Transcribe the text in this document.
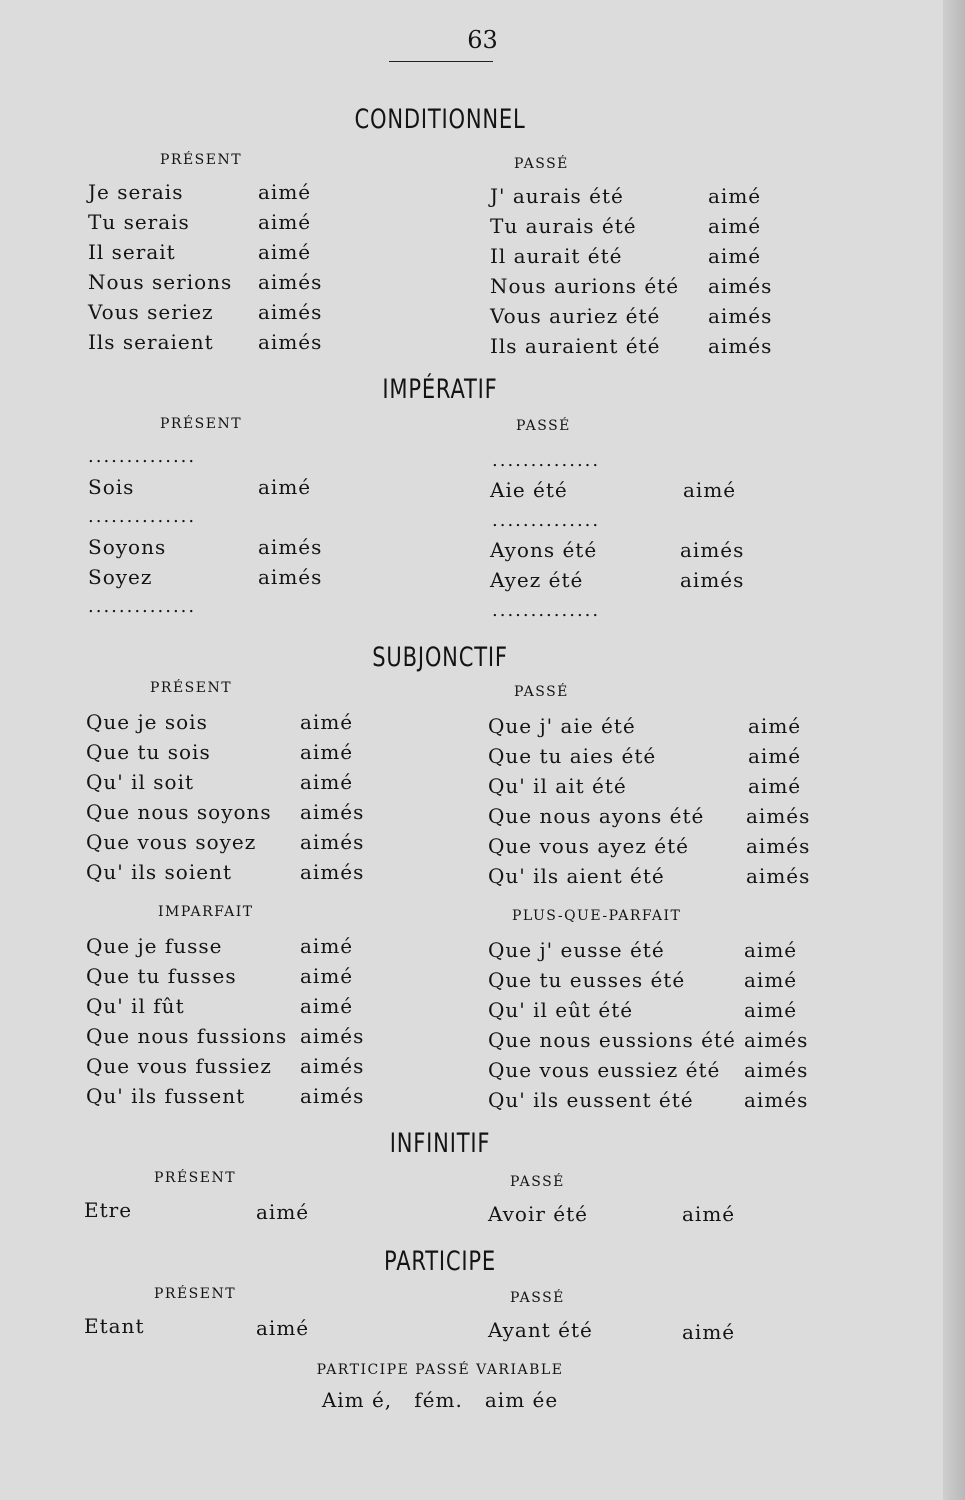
63
CONDITIONNEL
PRÉSENT	PASSÉ
Je serais	aimé
Tu serais	aimé
Il serait	aimé
Nous serions aimés
Vous seriez aimés
Ils seraient aimés
J' aurais été	aimé
Tu aurais été	aimé
Il aurait été	aimé
Nous aurions été aimés
Vous auriez été aimés
Ils auraient été aimés
IMPÉRATIF
PRÉSENT	PASSÉ
..............	..............
Sois	aimé	Aie été	aimé
..............	..............
Soyons	aimés	Ayons été	aimés
Soyez	aimés	Ayez été	aimés
..............	..............
SUBJONCTIF
PRÉSENT	PASSÉ
Que je sois	aimé
Que tu sois	aimé
Qu' il soit	aimé
Que nous soyons aimés
Que vous soyez aimés
Qu' ils soient	aimés
Que j' aie été	aimé
Que tu aies été	aimé
Qu' il ait été	aimé
Que nous ayons été aimés
Que vous ayez été	aimés
Qu' ils aient été	aimés
IMPARFAIT	PLUS-QUE-PARFAIT
Que je fusse	aimé
Que tu fusses	aimé
Qu' il fût	aimé
Que nous fussions aimés
Que vous fussiez aimés
Qu' ils fussent	aimés
Que j' eusse été	aimé
Que tu eusses été	aimé
Qu' il eût été	aimé
Que nous eussions été aimés
Que vous eussiez été aimés
Qu' ils eussent été	aimés
INFINITIF
PRÉSENT	PASSÉ
Etre	aimé	Avoir été	aimé
PARTICIPE
PRÉSENT	PASSÉ
Etant	aimé	Ayant été	aimé
PARTICIPE PASSÉ VARIABLE
Aim é,   fém.   aim ée
